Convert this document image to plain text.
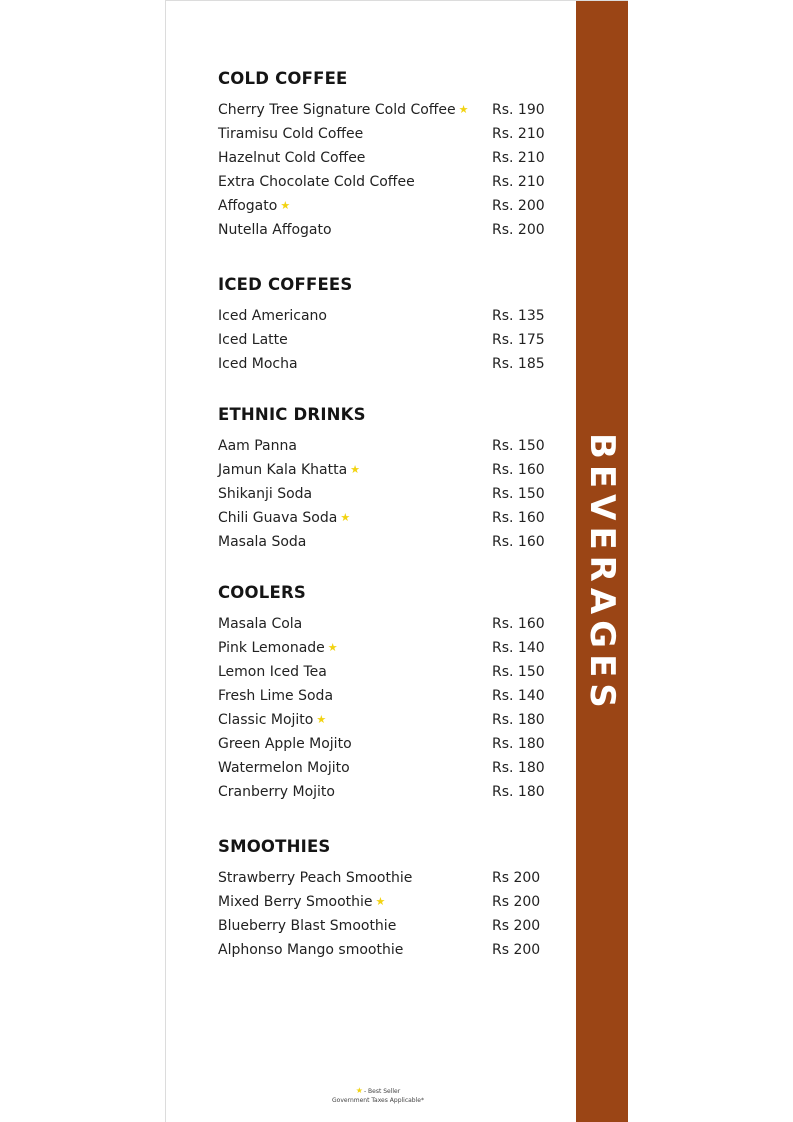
BEVERAGES
COLD COFFEE
Cherry Tree Signature Cold Coffee ★ Rs. 190
Tiramisu Cold Coffee	Rs. 210
Hazelnut Cold Coffee	Rs. 210
Extra Chocolate Cold Coffee	Rs. 210
Affogato ★	Rs. 200
Nutella Affogato	Rs. 200
ICED COFFEES
Iced Americano	Rs. 135
Iced Latte	Rs. 175
Iced Mocha	Rs. 185
ETHNIC DRINKS
Aam Panna	Rs. 150
Jamun Kala Khatta ★	Rs. 160
Shikanji Soda	Rs. 150
Chili Guava Soda ★	Rs. 160
Masala Soda	Rs. 160
COOLERS
Masala Cola	Rs. 160
Pink Lemonade ★	Rs. 140
Lemon Iced Tea	Rs. 150
Fresh Lime Soda	Rs. 140
Classic Mojito ★	Rs. 180
Green Apple Mojito	Rs. 180
Watermelon Mojito	Rs. 180
Cranberry Mojito	Rs. 180
SMOOTHIES
Strawberry Peach Smoothie	Rs 200
Mixed Berry Smoothie ★	Rs 200
Blueberry Blast Smoothie	Rs 200
Alphonso Mango smoothie	Rs 200
★- Best Seller
Government Taxes Applicable*
